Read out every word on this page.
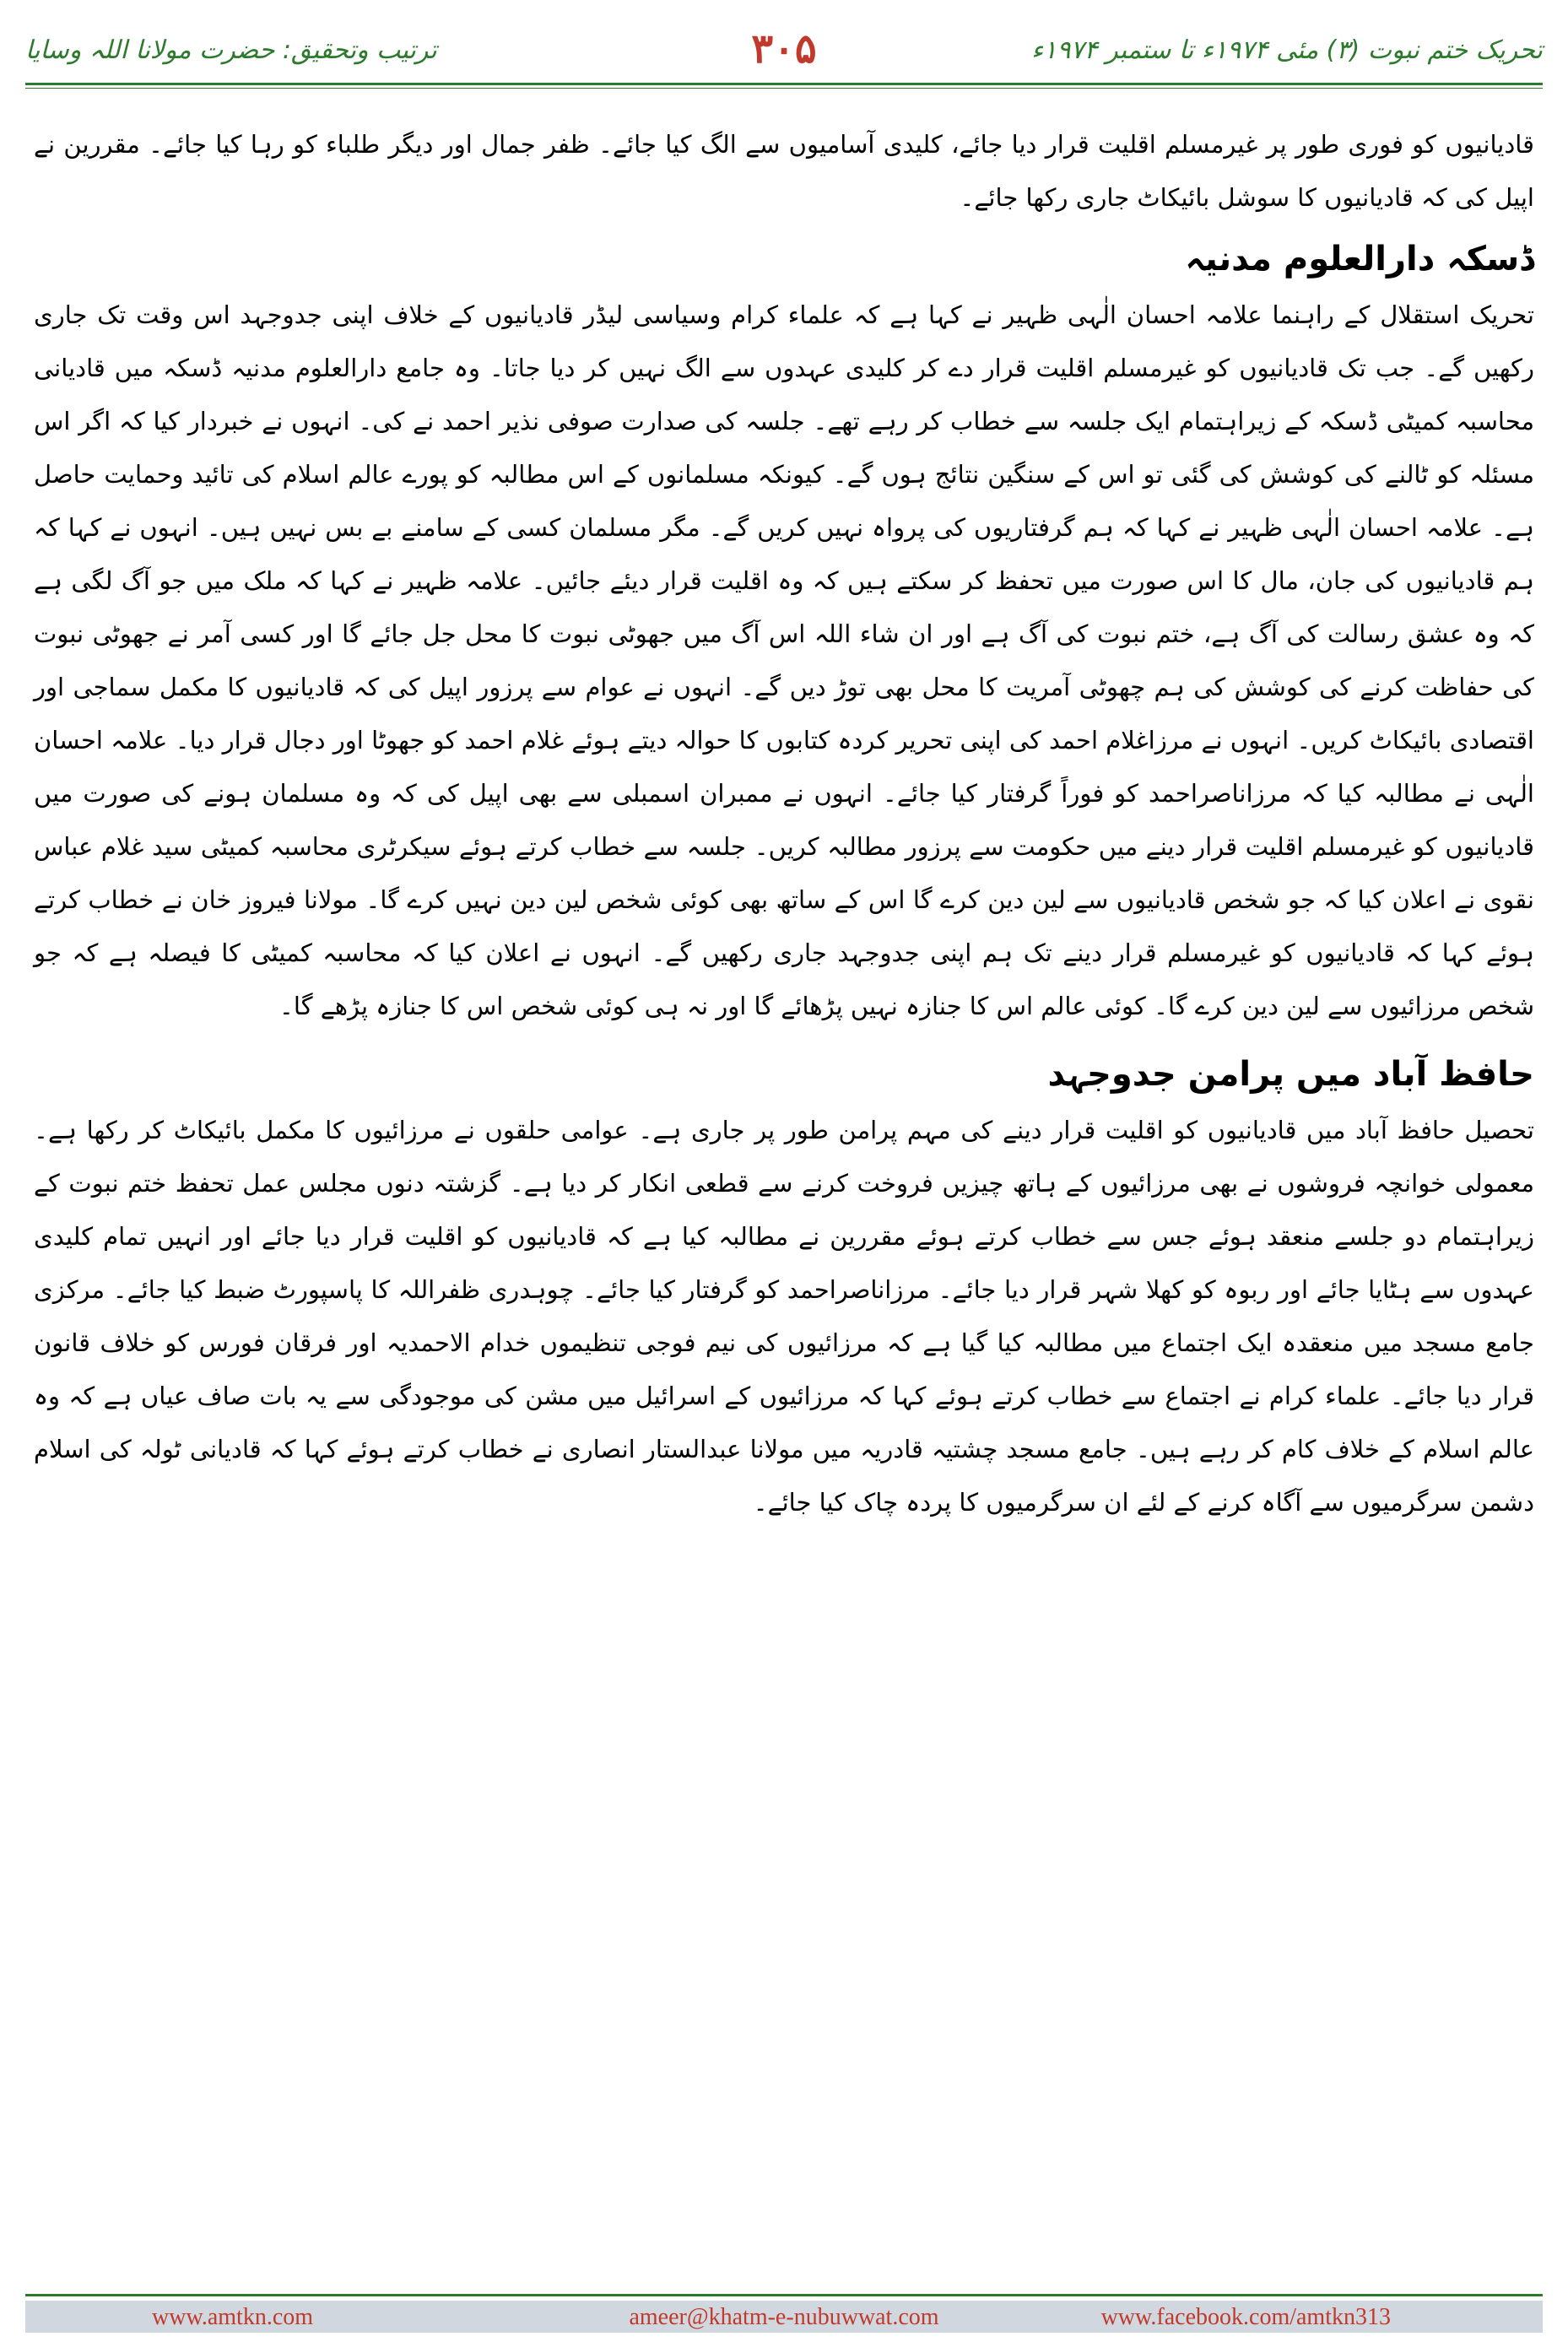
تحریک ختم نبوت (۳) مئی ۱۹۷۴ء تا ستمبر ۱۹۷۴ء
۳۰۵
ترتیب وتحقیق: حضرت مولانا اللہ وسایا

قادیانیوں کو فوری طور پر غیرمسلم اقلیت قرار دیا جائے، کلیدی آسامیوں سے الگ کیا جائے۔ ظفر جمال اور دیگر طلباء کو رہا کیا جائے۔ مقررین نے اپیل کی کہ قادیانیوں کا سوشل بائیکاٹ جاری رکھا جائے۔

ڈسکہ دارالعلوم مدنیہ

تحریک استقلال کے راہنما علامہ احسان الٰہی ظہیر نے کہا ہے کہ علماء کرام وسیاسی لیڈر قادیانیوں کے خلاف اپنی جدوجہد اس وقت تک جاری رکھیں گے۔ جب تک قادیانیوں کو غیرمسلم اقلیت قرار دے کر کلیدی عہدوں سے الگ نہیں کر دیا جاتا۔ وہ جامع دارالعلوم مدنیہ ڈسکہ میں قادیانی محاسبہ کمیٹی ڈسکہ کے زیراہتمام ایک جلسہ سے خطاب کر رہے تھے۔ جلسہ کی صدارت صوفی نذیر احمد نے کی۔ انہوں نے خبردار کیا کہ اگر اس مسئلہ کو ٹالنے کی کوشش کی گئی تو اس کے سنگین نتائج ہوں گے۔ کیونکہ مسلمانوں کے اس مطالبہ کو پورے عالم اسلام کی تائید وحمایت حاصل ہے۔ علامہ احسان الٰہی ظہیر نے کہا کہ ہم گرفتاریوں کی پرواہ نہیں کریں گے۔ مگر مسلمان کسی کے سامنے بے بس نہیں ہیں۔ انہوں نے کہا کہ ہم قادیانیوں کی جان، مال کا اس صورت میں تحفظ کر سکتے ہیں کہ وہ اقلیت قرار دیئے جائیں۔ علامہ ظہیر نے کہا کہ ملک میں جو آگ لگی ہے کہ وہ عشق رسالت کی آگ ہے، ختم نبوت کی آگ ہے اور ان شاء اللہ اس آگ میں جھوٹی نبوت کا محل جل جائے گا اور کسی آمر نے جھوٹی نبوت کی حفاظت کرنے کی کوشش کی ہم چھوٹی آمریت کا محل بھی توڑ دیں گے۔ انہوں نے عوام سے پرزور اپیل کی کہ قادیانیوں کا مکمل سماجی اور اقتصادی بائیکاٹ کریں۔ انہوں نے مرزاغلام احمد کی اپنی تحریر کردہ کتابوں کا حوالہ دیتے ہوئے غلام احمد کو جھوٹا اور دجال قرار دیا۔ علامہ احسان الٰہی نے مطالبہ کیا کہ مرزاناصراحمد کو فوراً گرفتار کیا جائے۔ انہوں نے ممبران اسمبلی سے بھی اپیل کی کہ وہ مسلمان ہونے کی صورت میں قادیانیوں کو غیرمسلم اقلیت قرار دینے میں حکومت سے پرزور مطالبہ کریں۔ جلسہ سے خطاب کرتے ہوئے سیکرٹری محاسبہ کمیٹی سید غلام عباس نقوی نے اعلان کیا کہ جو شخص قادیانیوں سے لین دین کرے گا اس کے ساتھ بھی کوئی شخص لین دین نہیں کرے گا۔ مولانا فیروز خان نے خطاب کرتے ہوئے کہا کہ قادیانیوں کو غیرمسلم قرار دینے تک ہم اپنی جدوجہد جاری رکھیں گے۔ انہوں نے اعلان کیا کہ محاسبہ کمیٹی کا فیصلہ ہے کہ جو شخص مرزائیوں سے لین دین کرے گا۔ کوئی عالم اس کا جنازہ نہیں پڑھائے گا اور نہ ہی کوئی شخص اس کا جنازہ پڑھے گا۔

حافظ آباد میں پرامن جدوجہد

تحصیل حافظ آباد میں قادیانیوں کو اقلیت قرار دینے کی مہم پرامن طور پر جاری ہے۔ عوامی حلقوں نے مرزائیوں کا مکمل بائیکاٹ کر رکھا ہے۔ معمولی خوانچہ فروشوں نے بھی مرزائیوں کے ہاتھ چیزیں فروخت کرنے سے قطعی انکار کر دیا ہے۔ گزشتہ دنوں مجلس عمل تحفظ ختم نبوت کے زیراہتمام دو جلسے منعقد ہوئے جس سے خطاب کرتے ہوئے مقررین نے مطالبہ کیا ہے کہ قادیانیوں کو اقلیت قرار دیا جائے اور انہیں تمام کلیدی عہدوں سے ہٹایا جائے اور ربوہ کو کھلا شہر قرار دیا جائے۔ مرزاناصراحمد کو گرفتار کیا جائے۔ چوہدری ظفراللہ کا پاسپورٹ ضبط کیا جائے۔ مرکزی جامع مسجد میں منعقدہ ایک اجتماع میں مطالبہ کیا گیا ہے کہ مرزائیوں کی نیم فوجی تنظیموں خدام الاحمدیہ اور فرقان فورس کو خلاف قانون قرار دیا جائے۔ علماء کرام نے اجتماع سے خطاب کرتے ہوئے کہا کہ مرزائیوں کے اسرائیل میں مشن کی موجودگی سے یہ بات صاف عیاں ہے کہ وہ عالم اسلام کے خلاف کام کر رہے ہیں۔ جامع مسجد چشتیہ قادریہ میں مولانا عبدالستار انصاری نے خطاب کرتے ہوئے کہا کہ قادیانی ٹولہ کی اسلام دشمن سرگرمیوں سے آگاہ کرنے کے لئے ان سرگرمیوں کا پردہ چاک کیا جائے۔

www.amtkn.com	ameer@khatm-e-nubuwwat.com	www.facebook.com/amtkn313
